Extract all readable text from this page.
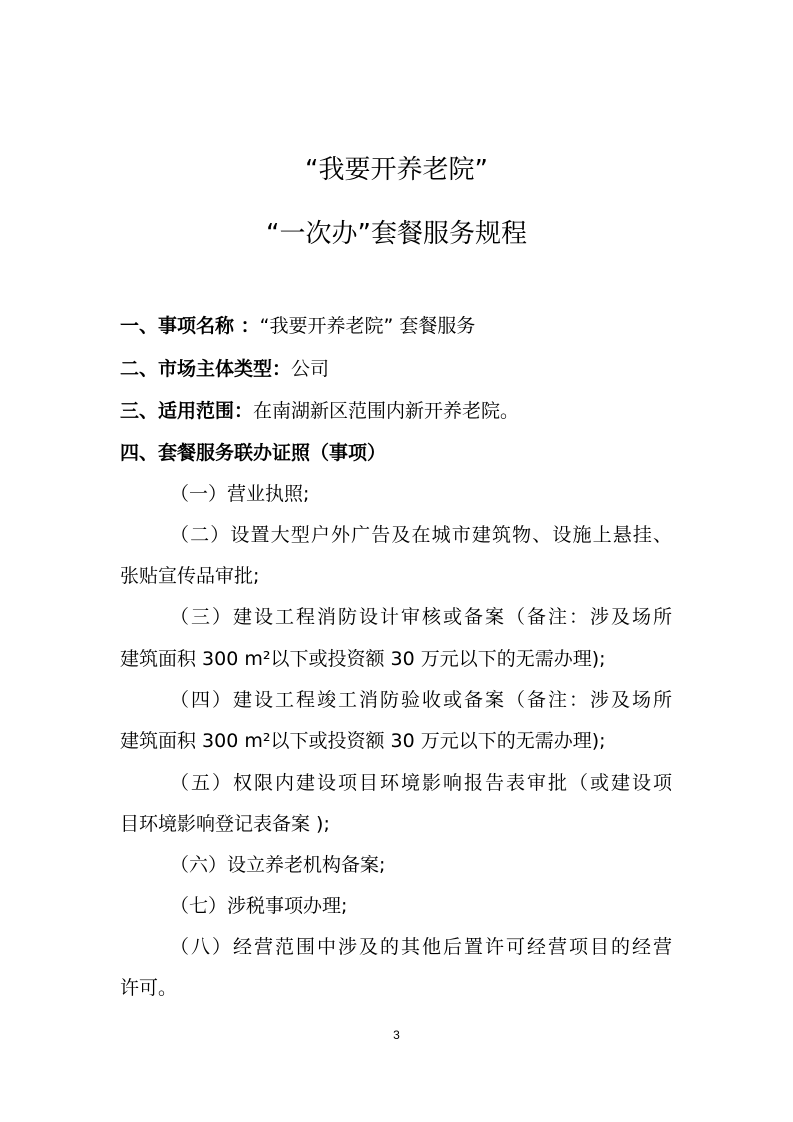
“我要开养老院”
“一次办”套餐服务规程
一、事项名称 ：“我要开养老院” 套餐服务
二、市场主体类型：公司
三、适用范围：在南湖新区范围内新开养老院。
四、套餐服务联办证照（事项）
（一）营业执照;
（二）设置大型户外广告及在城市建筑物、设施上悬挂、
张贴宣传品审批;
（三）建设工程消防设计审核或备案（备注：涉及场所
建筑面积 300 m²以下或投资额 30 万元以下的无需办理);
（四）建设工程竣工消防验收或备案（备注：涉及场所
建筑面积 300 m²以下或投资额 30 万元以下的无需办理);
（五）权限内建设项目环境影响报告表审批（或建设项
目环境影响登记表备案 );
（六）设立养老机构备案;
（七）涉税事项办理;
（八）经营范围中涉及的其他后置许可经营项目的经营
许可。
3
